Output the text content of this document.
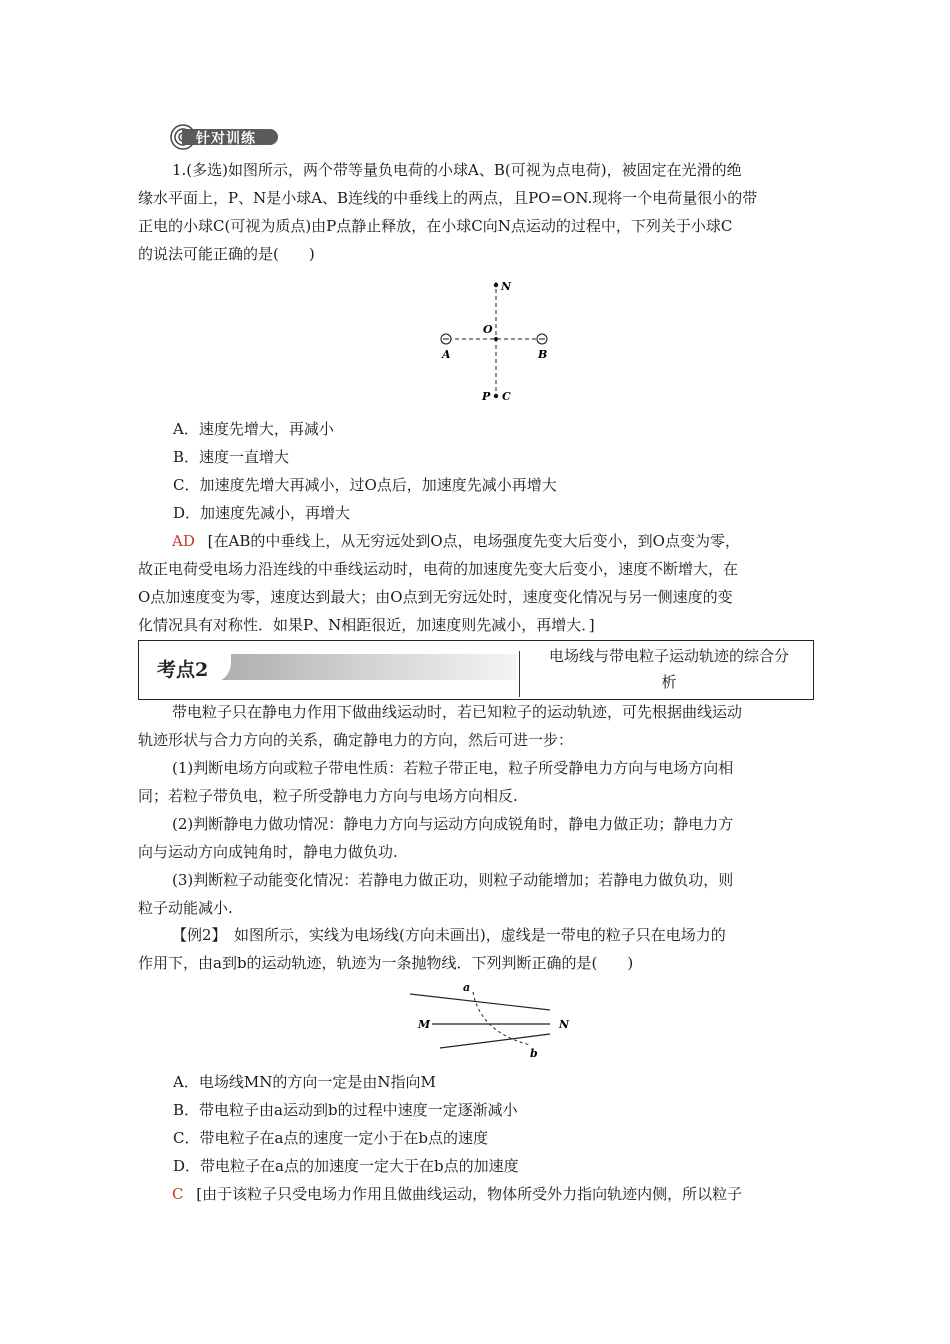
针对训练
1.(多选)如图所示，两个带等量负电荷的小球A、B(可视为点电荷)，被固定在光滑的绝
缘水平面上，P、N是小球A、B连线的中垂线上的两点，且PO=ON.现将一个电荷量很小的带
正电的小球C(可视为质点)由P点静止释放，在小球C向N点运动的过程中，下列关于小球C
的说法可能正确的是(　　)
N
O
A	B
P C
A．速度先增大，再减小
B．速度一直增大
C．加速度先增大再减小，过O点后，加速度先减小再增大
D．加速度先减小，再增大
AD [在AB的中垂线上，从无穷远处到O点，电场强度先变大后变小，到O点变为零，
故正电荷受电场力沿连线的中垂线运动时，电荷的加速度先变大后变小，速度不断增大，在
O点加速度变为零，速度达到最大；由O点到无穷远处时，速度变化情况与另一侧速度的变
化情况具有对称性．如果P、N相距很近，加速度则先减小，再增大．]
考点2
电场线与带电粒子运动轨迹的综合分
析
带电粒子只在静电力作用下做曲线运动时，若已知粒子的运动轨迹，可先根据曲线运动
轨迹形状与合力方向的关系，确定静电力的方向，然后可进一步：
(1)判断电场方向或粒子带电性质：若粒子带正电，粒子所受静电力方向与电场方向相
同；若粒子带负电，粒子所受静电力方向与电场方向相反.
(2)判断静电力做功情况：静电力方向与运动方向成锐角时，静电力做正功；静电力方
向与运动方向成钝角时，静电力做负功.
(3)判断粒子动能变化情况：若静电力做正功，则粒子动能增加；若静电力做负功，则
粒子动能减小.
【例2】　如图所示，实线为电场线(方向未画出)，虚线是一带电的粒子只在电场力的
作用下，由a到b的运动轨迹，轨迹为一条抛物线．下列判断正确的是(　　)
a
b
M	N
A．电场线MN的方向一定是由N指向M
B．带电粒子由a运动到b的过程中速度一定逐渐减小
C．带电粒子在a点的速度一定小于在b点的速度
D．带电粒子在a点的加速度一定大于在b点的加速度
C [由于该粒子只受电场力作用且做曲线运动，物体所受外力指向轨迹内侧，所以粒子
